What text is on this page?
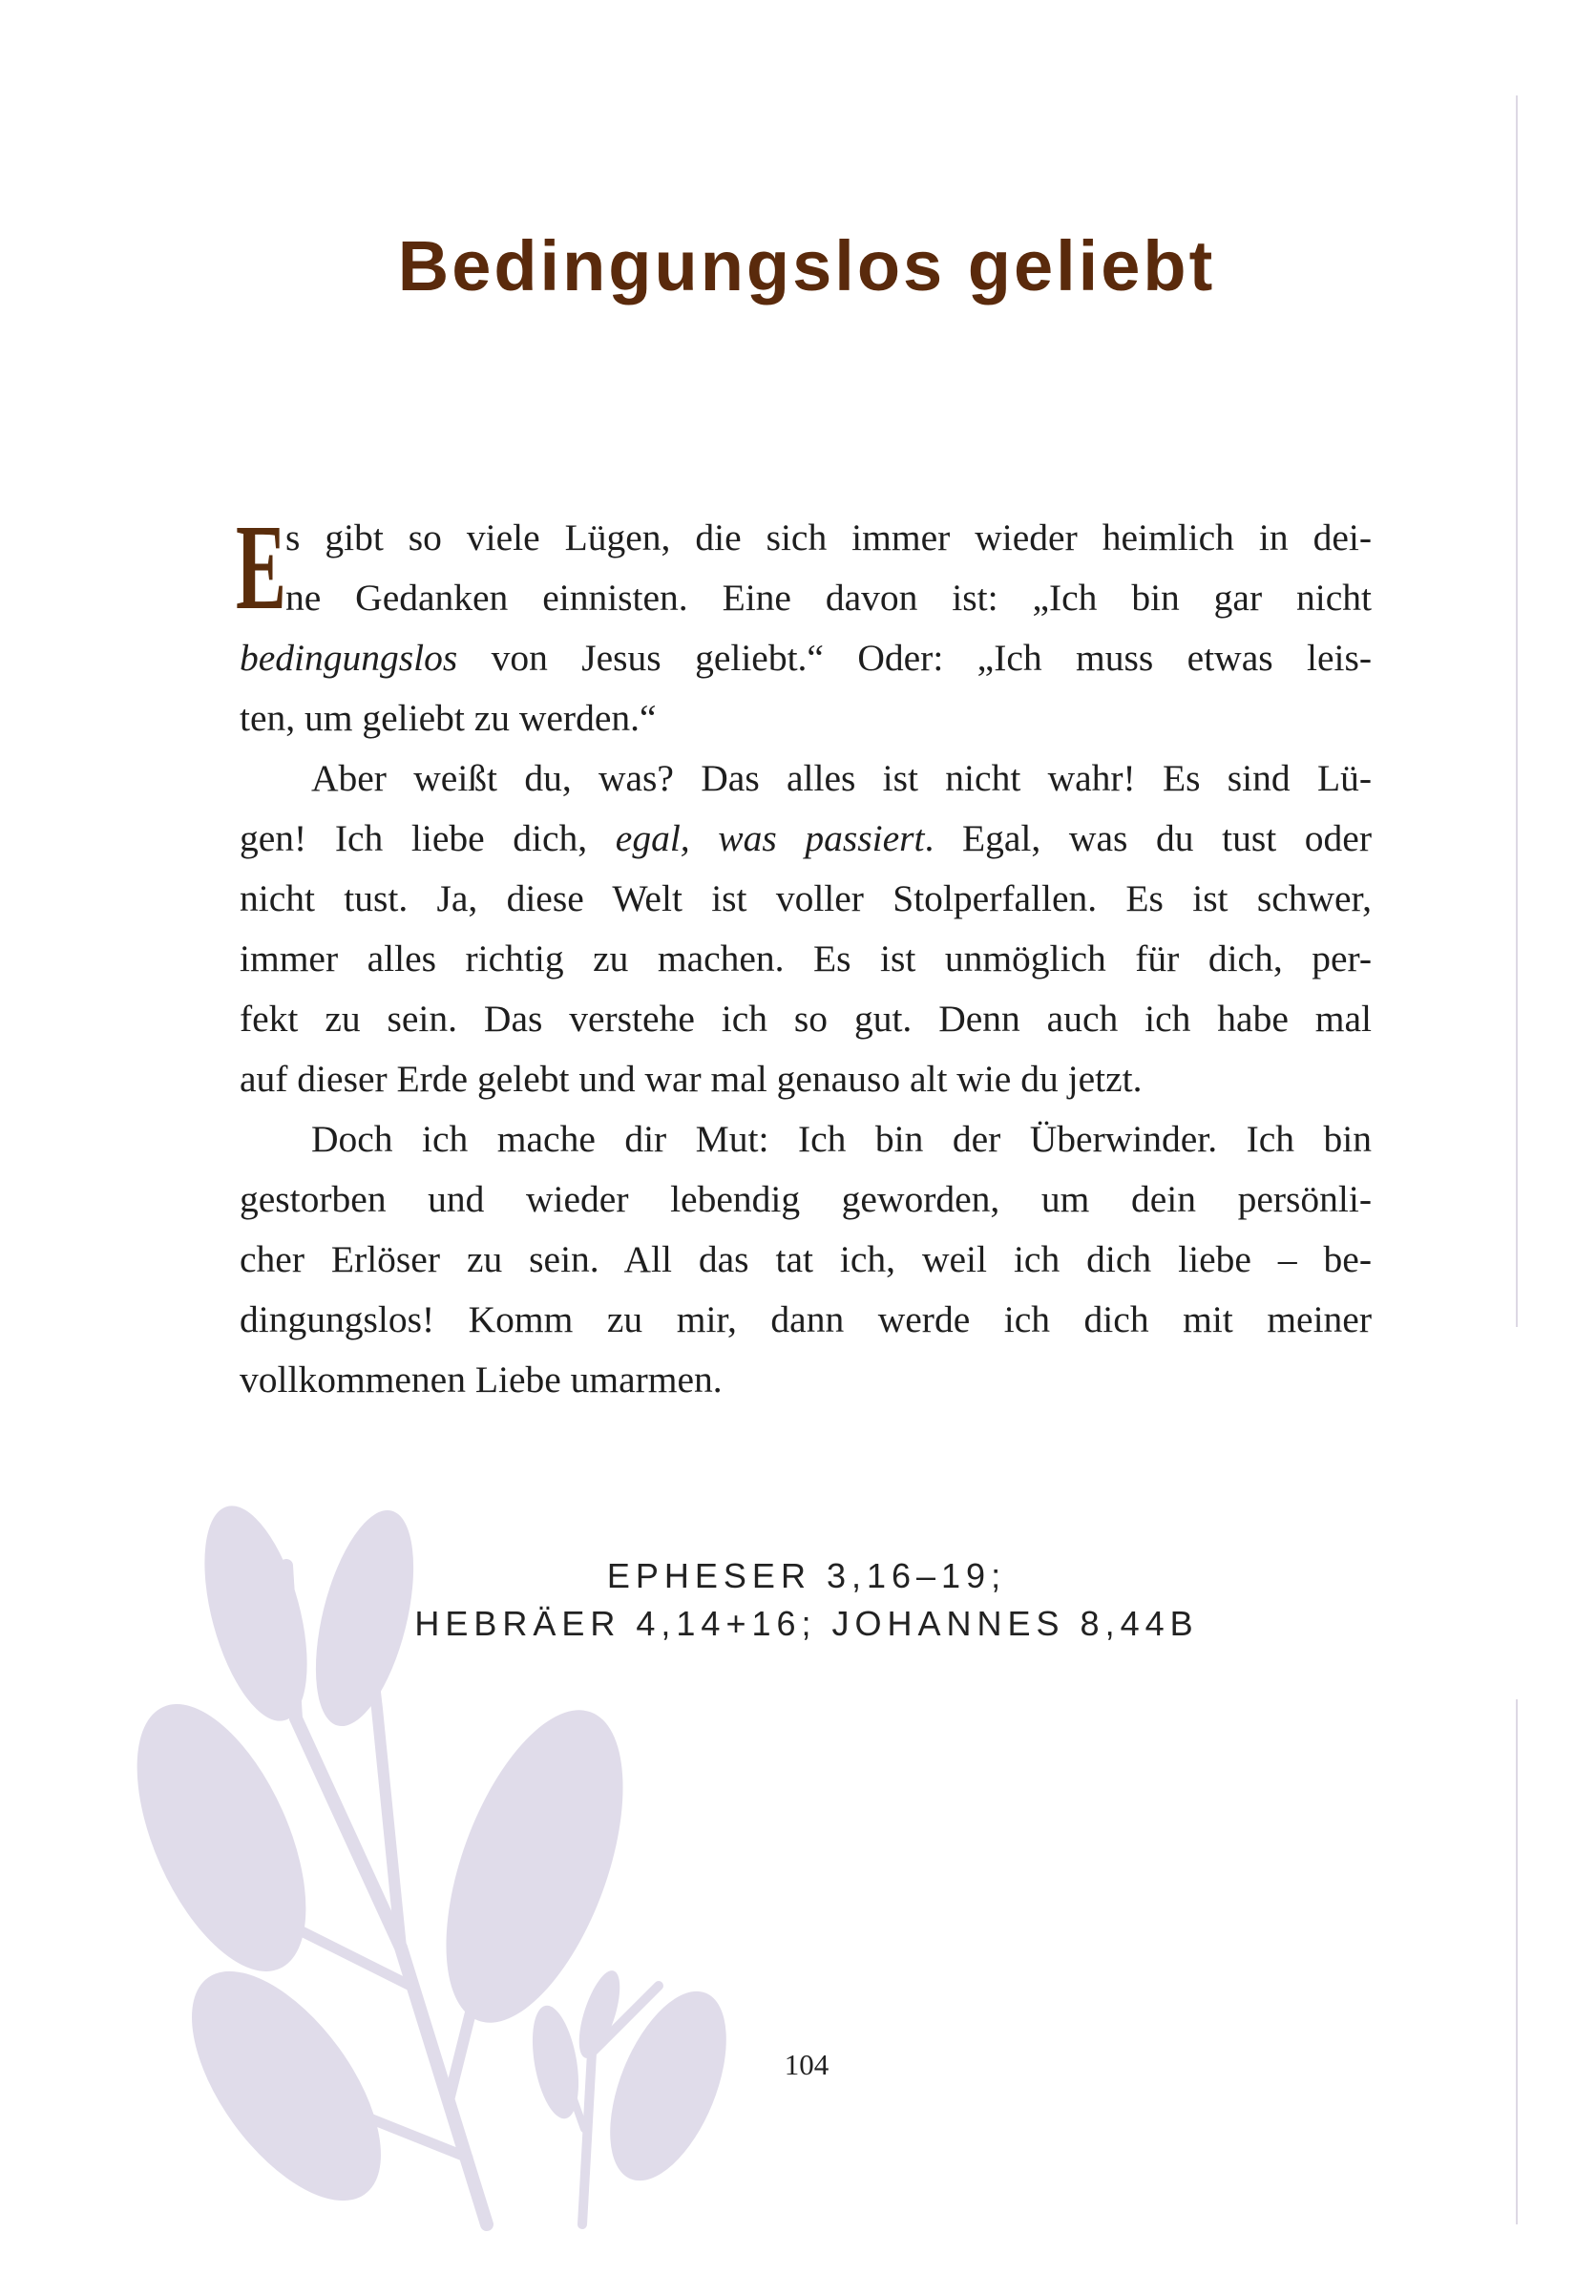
Bedingungslos geliebt
E s gibt so viele Lügen, die sich immer wieder heimlich in dei-
ne Gedanken einnisten. Eine davon ist: „Ich bin gar nicht
bedingungslos von Jesus geliebt.“ Oder: „Ich muss etwas leis-
ten, um geliebt zu werden.“
Aber weißt du, was? Das alles ist nicht wahr! Es sind Lü-
gen! Ich liebe dich, egal, was passiert. Egal, was du tust oder
nicht tust. Ja, diese Welt ist voller Stolperfallen. Es ist schwer,
immer alles richtig zu machen. Es ist unmöglich für dich, per-
fekt zu sein. Das verstehe ich so gut. Denn auch ich habe mal
auf dieser Erde gelebt und war mal genauso alt wie du jetzt.
Doch ich mache dir Mut: Ich bin der Überwinder. Ich bin
gestorben und wieder lebendig geworden, um dein persönli-
cher Erlöser zu sein. All das tat ich, weil ich dich liebe – be-
dingungslos! Komm zu mir, dann werde ich dich mit meiner
vollkommenen Liebe umarmen.
EPHESER 3,16–19;
HEBRÄER 4,14+16; JOHANNES 8,44B
104
